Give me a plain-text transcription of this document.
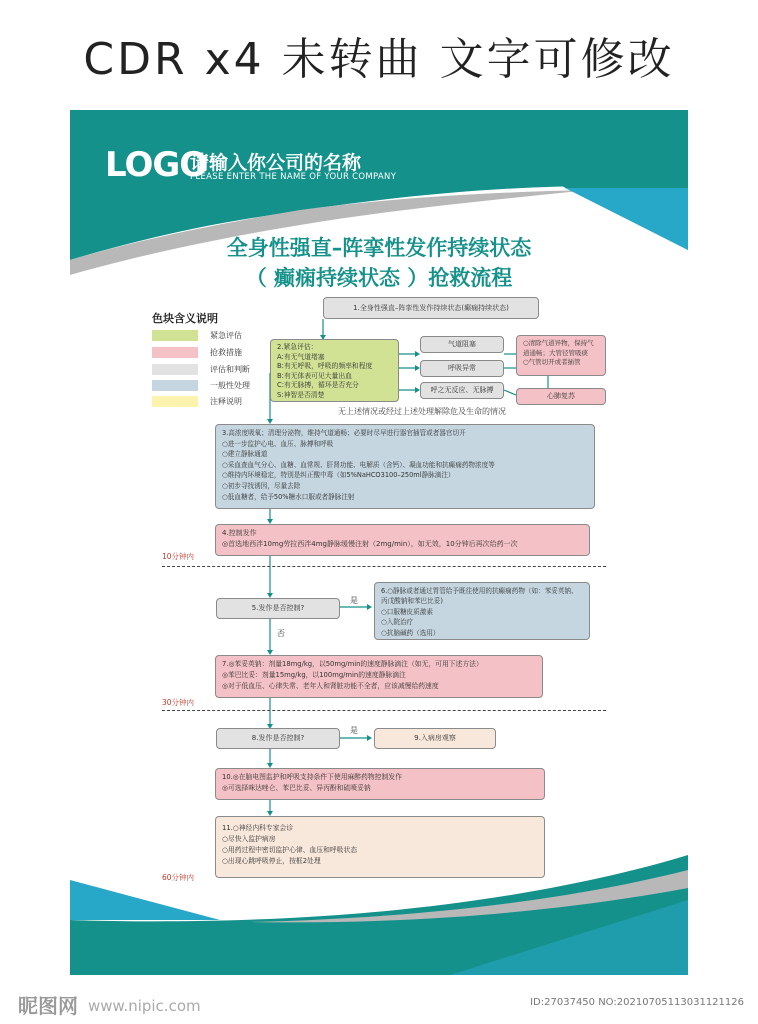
CDR x4 未转曲 文字可修改
LOGO
请输入你公司的名称
PLEASE ENTER THE NAME OF YOUR COMPANY
全身性强直–阵挛性发作持续状态
（ 癫痫持续状态 ）抢救流程
色块含义说明
紧急评估
抢救措施
评估和判断
一般性处理
注释说明
1.全身性强直–阵挛性发作持续状态(癫痫持续状态)
2.紧急评估：
A:有无气道堵塞
B:有无呼吸，呼吸的频率和程度
B:有无体表可见大量出血
C:有无脉搏，循环是否充分
S:神智是否清楚
气道阻塞
呼吸异常
呼之无反应、无脉搏
○清除气道异物，保持气道通畅；大管径管吸痰
○气管切开或者插管
心肺复苏
无上述情况或经过上述处理解除危及生命的情况
3.高浓度吸氧；清理分泌物，维持气道通畅；必要时尽早进行器官插管或者器官切开
○进一步监护心电、血压、脉搏和呼吸
○建立静脉通道
○采血查血气分心、血糖、血常规、肝肾功能、电解质（含钙）、凝血功能和抗癫痫药物浓度等
○维持内环境稳定，特别是纠正酸中毒（如5%NaHCO3100–250ml静脉滴注）
○初步寻找诱因，尽量去除
○低血糖者，给予50%糖水口服或者静脉注射
4.控制发作
◎首选地西泮10mg劳拉西泮4mg静脉缓慢注射（2mg/min），如无效，10分钟后再次给药一次
10分钟内
5.发作是否控制?
是
否
6.○静脉或者通过胃管给予既往使用的抗癫痫药物（如：苯妥英钠、丙戊酸钠和苯巴比妥)
○口服糖皮质激素
○入院治疗
○抗脑碱药（选用）
7.◎苯妥英钠：剂量18mg/kg，以50mg/min的速度静脉滴注（如无，可用下述方法）
◎苯巴比妥：剂量15mg/kg，以100mg/min的速度静脉滴注
◎对于低血压、心律失常、老年人和肾脏功能不全者，应该减慢给药速度
30分钟内
8.发作是否控制?
是
9.入病房观察
10.◎在脑电图监护和呼吸支持条件下使用麻醉药物控制发作
◎可选择咪达唑仑、苯巴比妥、异丙酚和硫喷妥钠
11.○神经内科专家会诊
○尽快入监护病房
○用药过程中密切监护心律、血压和呼吸状态
○出现心跳呼吸停止，按框2处理
60分钟内
昵图网 www.nipic.com	ID:27037450 NO:20210705113031121126
